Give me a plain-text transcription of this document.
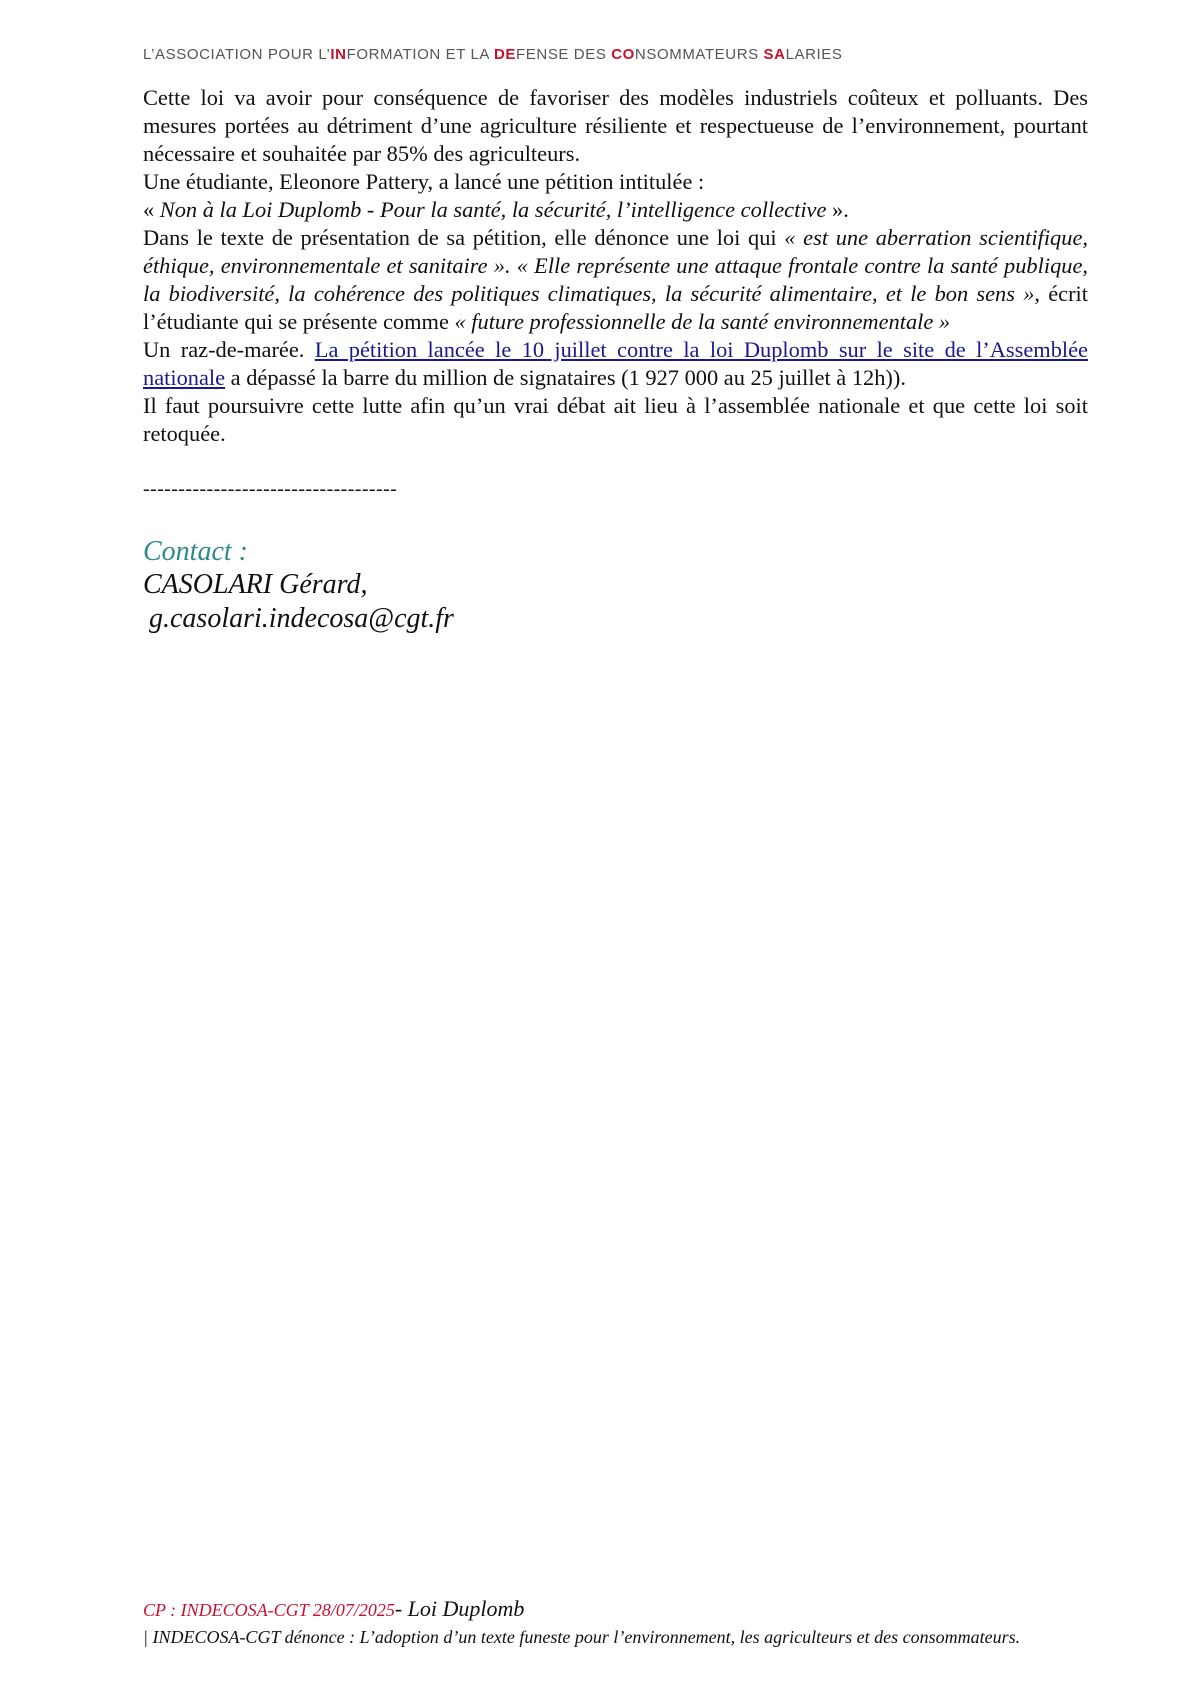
L’ASSOCIATION POUR L’INFORMATION ET LA DEFENSE DES CONSOMMATEURS SALARIES

Cette loi va avoir pour conséquence de favoriser des modèles industriels coûteux et polluants. Des mesures portées au détriment d’une agriculture résiliente et respectueuse de l’environnement, pourtant nécessaire et souhaitée par 85% des agriculteurs.

Une étudiante, Eleonore Pattery, a lancé une pétition intitulée :

« Non à la Loi Duplomb - Pour la santé, la sécurité, l’intelligence collective ».

Dans le texte de présentation de sa pétition, elle dénonce une loi qui « est une aberration scientifique, éthique, environnementale et sanitaire ». « Elle représente une attaque frontale contre la santé publique, la biodiversité, la cohérence des politiques climatiques, la sécurité alimentaire, et le bon sens », écrit l’étudiante qui se présente comme « future professionnelle de la santé environnementale »

Un raz-de-marée. La pétition lancée le 10 juillet contre la loi Duplomb sur le site de l’Assemblée nationale a dépassé la barre du million de signataires (1 927 000 au 25 juillet à 12h)).

Il faut poursuivre cette lutte afin qu’un vrai débat ait lieu à l’assemblée nationale et que cette loi soit retoquée.

------------------------------------
Contact :
CASOLARI Gérard,
g.casolari.indecosa@cgt.fr
CP : INDECOSA-CGT 28/07/2025- Loi Duplomb
| INDECOSA-CGT dénonce : L’adoption d’un texte funeste pour l’environnement, les agriculteurs et des consommateurs.
